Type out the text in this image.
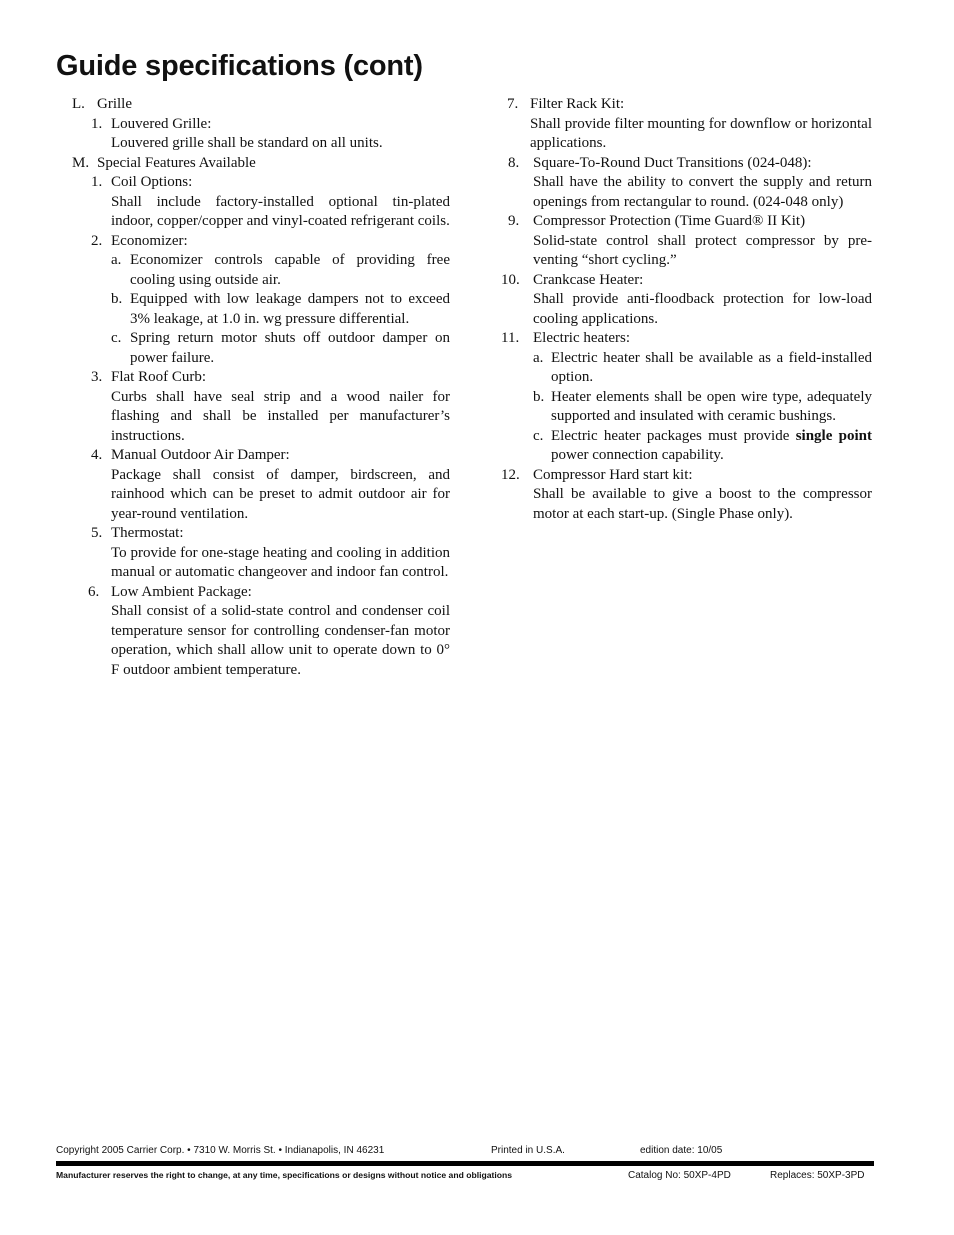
Guide specifications (cont)
L. Grille
1. Louvered Grille:
Louvered grille shall be standard on all units.
M. Special Features Available
1. Coil Options:
Shall include factory-installed optional tin-plated indoor, copper/copper and vinyl-coated refrigerant coils.
2. Economizer:
a. Economizer controls capable of providing free cooling using outside air.
b. Equipped with low leakage dampers not to exceed 3% leakage, at 1.0 in. wg pressure differential.
c. Spring return motor shuts off outdoor damper on power failure.
3. Flat Roof Curb:
Curbs shall have seal strip and a wood nailer for flashing and shall be installed per manufacturer’s instructions.
4. Manual Outdoor Air Damper:
Package shall consist of damper, birdscreen, and rainhood which can be preset to admit outdoor air for year-round ventilation.
5. Thermostat:
To provide for one-stage heating and cooling in addition manual or automatic changeover and indoor fan control.
6. Low Ambient Package:
Shall consist of a solid-state control and condenser coil temperature sensor for controlling condenser-fan motor operation, which shall allow unit to operate down to 0° F outdoor ambient temperature.
7. Filter Rack Kit:
Shall provide filter mounting for downflow or horizontal applications.
8. Square-To-Round Duct Transitions (024-048):
Shall have the ability to convert the supply and return openings from rectangular to round. (024-048 only)
9. Compressor Protection (Time Guard® II Kit)
Solid-state control shall protect compressor by preventing “short cycling.”
10. Crankcase Heater:
Shall provide anti-floodback protection for low-load cooling applications.
11. Electric heaters:
a. Electric heater shall be available as a field-installed option.
b. Heater elements shall be open wire type, adequately supported and insulated with ceramic bushings.
c. Electric heater packages must provide single point power connection capability.
12. Compressor Hard start kit:
Shall be available to give a boost to the compressor motor at each start-up. (Single Phase only).
Copyright 2005 Carrier Corp. • 7310 W. Morris St. • Indianapolis, IN 46231	Printed in U.S.A.	edition date: 10/05
Manufacturer reserves the right to change, at any time, specifications or designs without notice and obligations	Catalog No: 50XP-4PD	Replaces: 50XP-3PD
